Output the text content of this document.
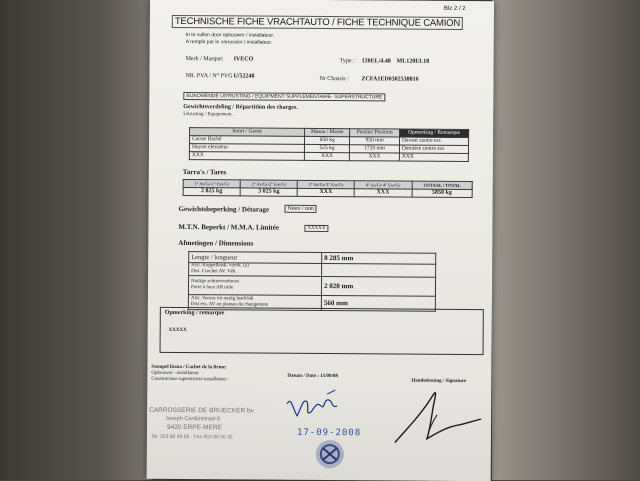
Blz 2 / 2
TECHNISCHE FICHE VRACHTAUTO / FICHE TECHNIQUE CAMION
In te vullen door opbouwer / installateur.
A remplir par le carrossier / installateur.
Merk / Marque: IVECO	Type : 120EL/4.48 ML120EL18
NR. PVA / N° PVG :
U/52248	Nr Chassis : ZCFA1ED0302538816
BIJKOMENDE UITRUSTING / EQUIPMENT SUPPLEMENTAIRE- SUPERSTRUCTURE
Gewichtsverdeling / Répartition des charges.
Uitrusting / Equipement.
Soort / Genre	Massa / Masse	Positie/ Position	Opmerking / Remarque
Caisse Baché	850 kg	950 mm	Devant centre ess
Hayon elevateur	525 kg	1720 mm	Dernière centre ess
XXX	XXX	XXX	XXX
Tarra's / Tares
1° As/Gr-1° Ess/Gr	2° As/Gr-2° Ess/Gr	3° As/Gr-3° Ess/Gr	4° As/Gr-4° Ess/Gr	TOTAAL / TOTAL
2 825 kg	3 025 kg	XXX	XXX	5850 kg
Gewichtsbeperking / Détarage	Neen / non
M.T.N. Beperkt / M.M.A. Limitée	XXXXX
Afmetingen / Dimensions
Lengte / longueur	8 285 mm
Afst. Koppelbask- voork. (a)
Dist. Crochet AV. Véh.	
Nuttige achteroverbouw
Porte à faux AR utile	2 020 mm
Afst. Vooras tot nuttig laadvlak
Dist ess. AV au plateau de changement	560 mm
Opmerking / remarque
XXXXX
Stempel firma / Cachet de la firme:
Opbouwer - installateur
Constructeur superstructs-installateur :
Datum / Date : 15/09/08
Handtekening / Signature
CARROSSERIE DE BRUECKER bv
Joseph Cardijnstraat 6
9420 ERPE-MERE
Tel. 053 80 49 58 - Fax 053 80 55 32	17-09-2008
